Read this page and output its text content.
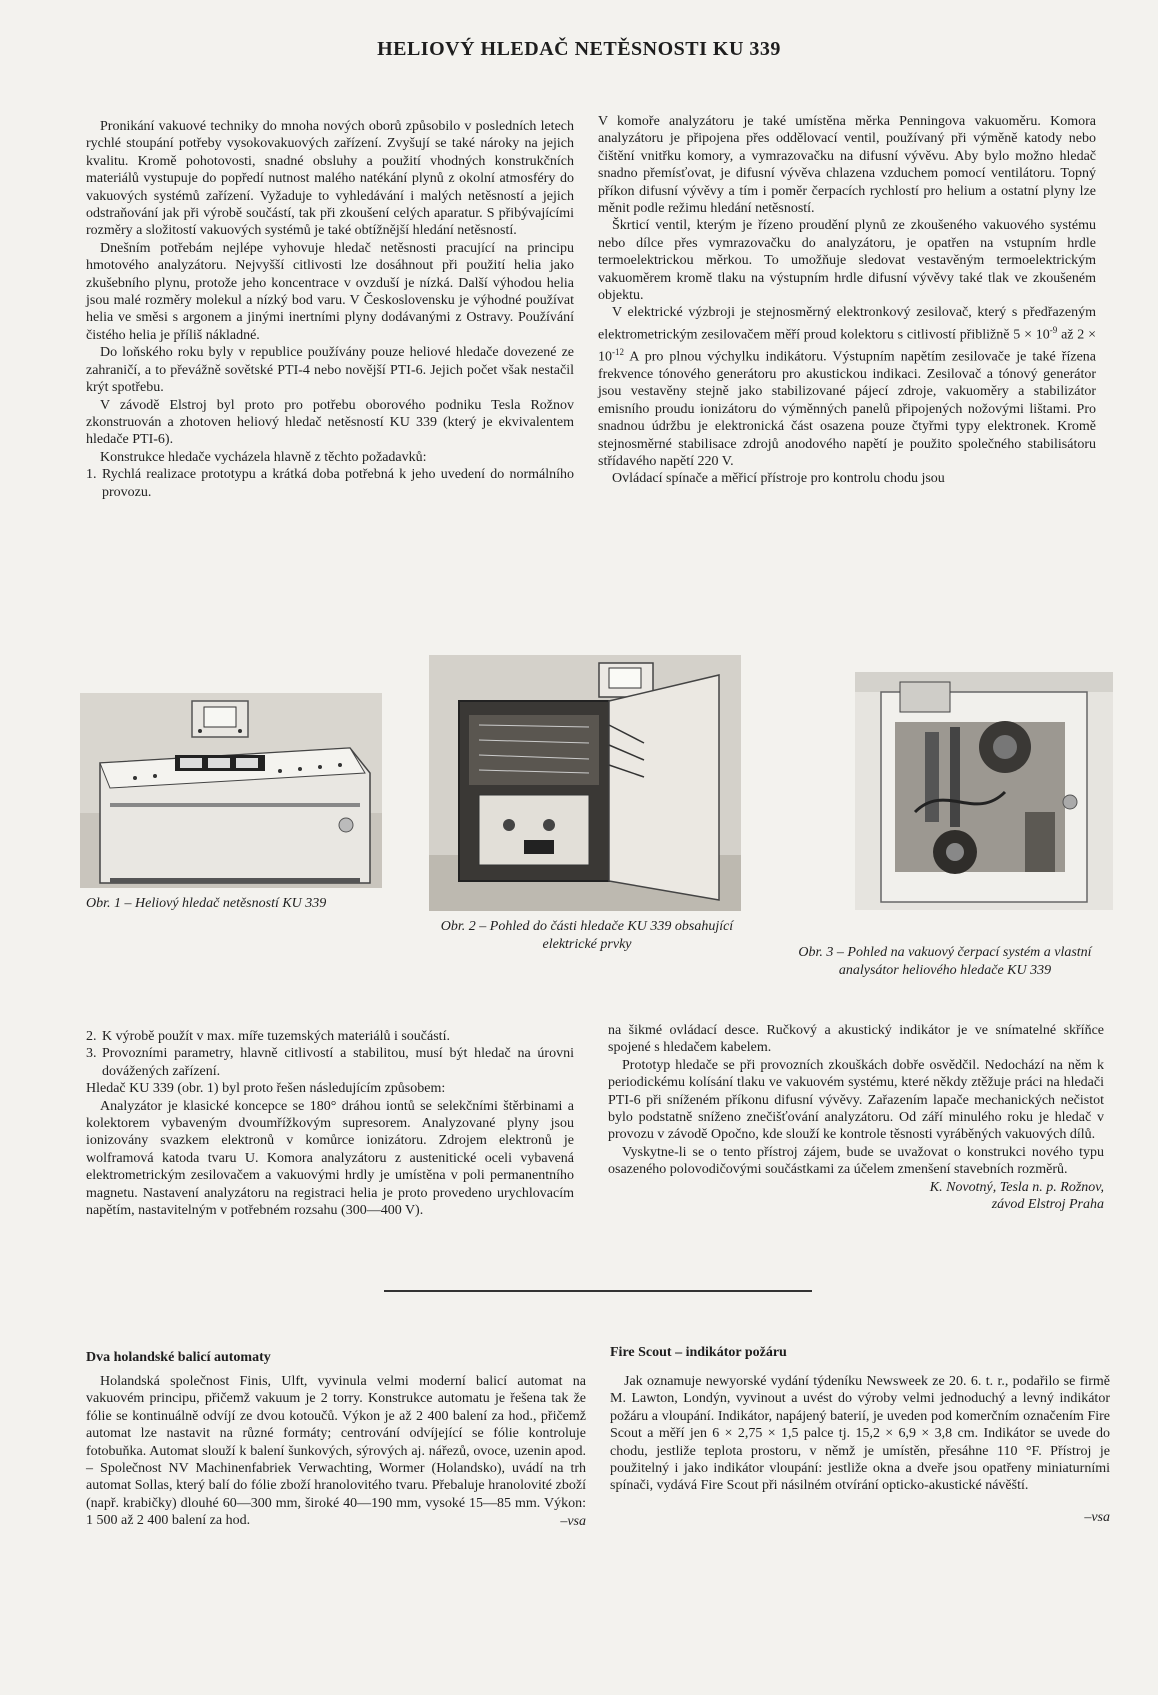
HELIOVÝ HLEDAČ NETĚSNOSTI KU 339

Pronikání vakuové techniky do mnoha nových oborů způsobilo v posledních letech rychlé stoupání potřeby vysokovakuových zařízení. Zvyšují se také nároky na jejich kvalitu. Kromě pohotovosti, snadné obsluhy a použití vhodných konstrukčních materiálů vystupuje do popředí nutnost malého natékání plynů z okolní atmosféry do vakuových systémů zařízení. Vyžaduje to vyhledávání i malých netěsností a jejich odstraňování jak při výrobě součástí, tak při zkoušení celých aparatur. S přibývajícími rozměry a složitostí vakuových systémů je také obtížnější hledání netěsností.

Dnešním potřebám nejlépe vyhovuje hledač netěsnosti pracující na principu hmotového analyzátoru. Nejvyšší citlivosti lze dosáhnout při použití helia jako zkušebního plynu, protože jeho koncentrace v ovzduší je nízká. Další výhodou helia jsou malé rozměry molekul a nízký bod varu. V Československu je výhodné používat helia ve směsi s argonem a jinými inertními plyny dodávanými z Ostravy. Používání čistého helia je příliš nákladné.

Do loňského roku byly v republice používány pouze heliové hledače dovezené ze zahraničí, a to převážně sovětské PTI-4 nebo novější PTI-6. Jejich počet však nestačil krýt spotřebu.

V závodě Elstroj byl proto pro potřebu oborového podniku Tesla Rožnov zkonstruován a zhotoven heliový hledač netěsností KU 339 (který je ekvivalentem hledače PTI-6).

Konstrukce hledače vycházela hlavně z těchto požadavků:

1. Rychlá realizace prototypu a krátká doba potřebná k jeho uvedení do normálního provozu.

V komoře analyzátoru je také umístěna měrka Penningova vakuoměru. Komora analyzátoru je připojena přes oddělovací ventil, používaný při výměně katody nebo čištění vnitřku komory, a vymrazovačku na difusní vývěvu. Aby bylo možno hledač snadno přemísťovat, je difusní vývěva chlazena vzduchem pomocí ventilátoru. Topný příkon difusní vývěvy a tím i poměr čerpacích rychlostí pro helium a ostatní plyny lze měnit podle režimu hledání netěsností.

Škrticí ventil, kterým je řízeno proudění plynů ze zkoušeného vakuového systému nebo dílce přes vymrazovačku do analyzátoru, je opatřen na vstupním hrdle termoelektrickou měrkou. To umožňuje sledovat vestavěným termoelektrickým vakuoměrem kromě tlaku na výstupním hrdle difusní vývěvy také tlak ve zkoušeném objektu.

V elektrické výzbroji je stejnosměrný elektronkový zesilovač, který s předřazeným elektrometrickým zesilovačem měří proud kolektoru s citlivostí přibližně $5 \times 10^{-9}$ až $2 \times 10^{-12}$ A pro plnou výchylku indikátoru. Výstupním napětím zesilovače je také řízena frekvence tónového generátoru pro akustickou indikaci. Zesilovač a tónový generátor jsou vestavěny stejně jako stabilizované pájecí zdroje, vakuoměry a stabilizátor emisního proudu ionizátoru do výměnných panelů připojených nožovými lištami. Pro snadnou údržbu je elektronická část osazena pouze čtyřmi typy elektronek. Kromě stejnosměrné stabilisace zdrojů anodového napětí je použito společného stabilisátoru střídavého napětí 220 V.

Ovládací spínače a měřicí přístroje pro kontrolu chodu jsou

Obr. 1 – Heliový hledač netěsností KU 339

Obr. 2 – Pohled do části hledače KU 339 obsahující elektrické prvky

Obr. 3 – Pohled na vakuový čerpací systém a vlastní analysátor heliového hledače KU 339

2. K výrobě použít v max. míře tuzemských materiálů i součástí.

3. Provozními parametry, hlavně citlivostí a stabilitou, musí být hledač na úrovni dovážených zařízení.

Hledač KU 339 (obr. 1) byl proto řešen následujícím způsobem:

Analyzátor je klasické koncepce se 180° dráhou iontů se selekčními štěrbinami a kolektorem vybaveným dvoumřížkovým supresorem. Analyzované plyny jsou ionizovány svazkem elektronů v komůrce ionizátoru. Zdrojem elektronů je wolframová katoda tvaru U. Komora analyzátoru z austenitické oceli vybavená elektrometrickým zesilovačem a vakuovými hrdly je umístěna v poli permanentního magnetu. Nastavení analyzátoru na registraci helia je proto provedeno urychlovacím napětím, nastavitelným v potřebném rozsahu (300—400 V).

na šikmé ovládací desce. Ručkový a akustický indikátor je ve snímatelné skříňce spojené s hledačem kabelem.

Prototyp hledače se při provozních zkouškách dobře osvědčil. Nedochází na něm k periodickému kolísání tlaku ve vakuovém systému, které někdy ztěžuje práci na hledači PTI-6 při sníženém příkonu difusní vývěvy. Zařazením lapače mechanických nečistot bylo podstatně sníženo znečišťování analyzátoru. Od září minulého roku je hledač v provozu v závodě Opočno, kde slouží ke kontrole těsnosti vyráběných vakuových dílů.

Vyskytne-li se o tento přístroj zájem, bude se uvažovat o konstrukci nového typu osazeného polovodičovými součástkami za účelem zmenšení stavebních rozměrů.

K. Novotný, Tesla n. p. Rožnov,

závod Elstroj Praha

Dva holandské balicí automaty

Holandská společnost Finis, Ulft, vyvinula velmi moderní balicí automat na vakuovém principu, přičemž vakuum je 2 torry. Konstrukce automatu je řešena tak že fólie se kontinuálně odvíjí ze dvou kotoučů. Výkon je až 2 400 balení za hod., přičemž automat lze nastavit na různé formáty; centrování odvíjející se fólie kontroluje fotobuňka. Automat slouží k balení šunkových, sýrových aj. nářezů, ovoce, uzenin apod. – Společnost NV Machinenfabriek Verwachting, Wormer (Holandsko), uvádí na trh automat Sollas, který balí do fólie zboží hranolovitého tvaru. Přebaluje hranolovité zboží (např. krabičky) dlouhé 60—300 mm, široké 40—190 mm, vysoké 15—85 mm. Výkon: 1 500 až 2 400 balení za hod.	–vsa

Fire Scout – indikátor požáru

Jak oznamuje newyorské vydání týdeníku Newsweek ze 20. 6. t. r., podařilo se firmě M. Lawton, Londýn, vyvinout a uvést do výroby velmi jednoduchý a levný indikátor požáru a vloupání. Indikátor, napájený baterií, je uveden pod komerčním označením Fire Scout a měří jen 6 × 2,75 × 1,5 palce tj. 15,2 × 6,9 × 3,8 cm. Indikátor se uvede do chodu, jestliže teplota prostoru, v němž je umístěn, přesáhne 110 °F. Přístroj je použitelný i jako indikátor vloupání: jestliže okna a dveře jsou opatřeny miniaturními spínači, vydává Fire Scout při násilném otvírání opticko-akustické návěští.

–vsa
